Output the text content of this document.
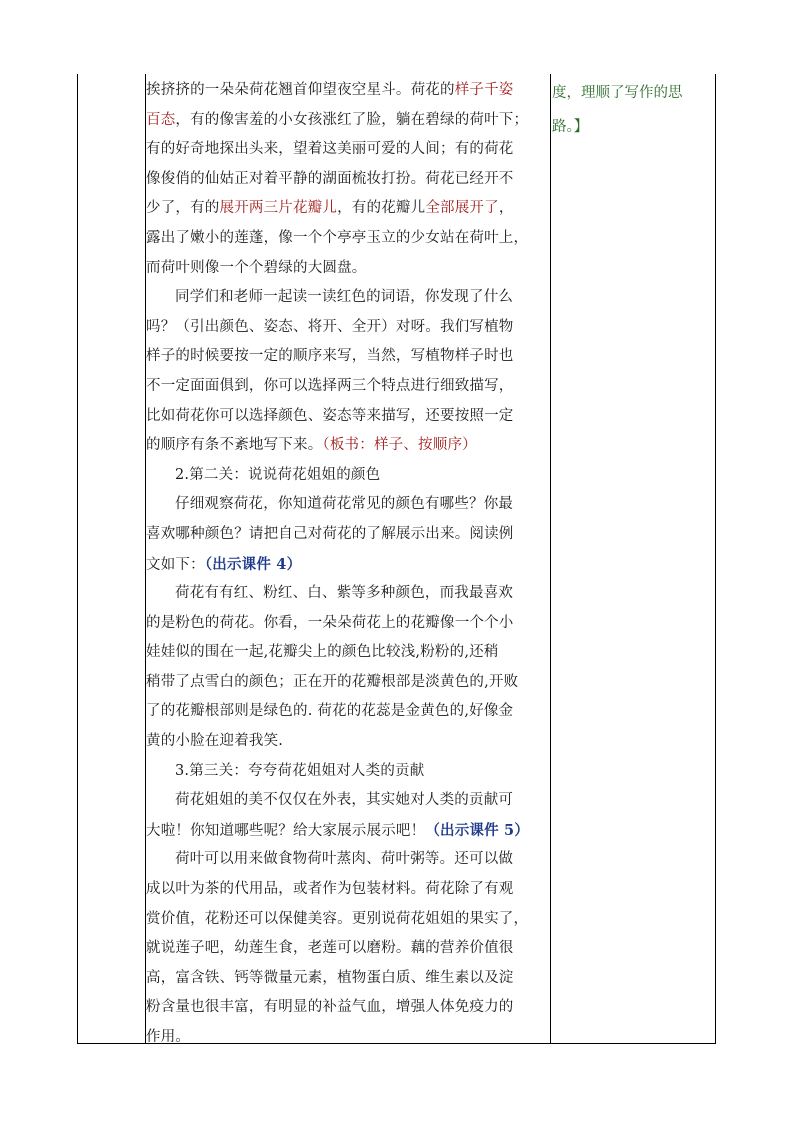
挨挤挤的一朵朵荷花翘首仰望夜空星斗。荷花的样子千姿
百态，有的像害羞的小女孩涨红了脸，躺在碧绿的荷叶下；
有的好奇地探出头来，望着这美丽可爱的人间；有的荷花
像俊俏的仙姑正对着平静的湖面梳妆打扮。荷花已经开不
少了，有的展开两三片花瓣儿，有的花瓣儿全部展开了，
露出了嫩小的莲蓬，像一个个亭亭玉立的少女站在荷叶上，
而荷叶则像一个个碧绿的大圆盘。
同学们和老师一起读一读红色的词语，你发现了什么
吗？（引出颜色、姿态、将开、全开）对呀。我们写植物
样子的时候要按一定的顺序来写，当然，写植物样子时也
不一定面面俱到，你可以选择两三个特点进行细致描写，
比如荷花你可以选择颜色、姿态等来描写，还要按照一定
的顺序有条不紊地写下来。（板书：样子、按顺序）
2.第二关：说说荷花姐姐的颜色
仔细观察荷花，你知道荷花常见的颜色有哪些？你最
喜欢哪种颜色？请把自己对荷花的了解展示出来。阅读例
文如下：（出示课件 4）
荷花有有红、粉红、白、紫等多种颜色，而我最喜欢
的是粉色的荷花。你看，一朵朵荷花上的花瓣像一个个小
娃娃似的围在一起,花瓣尖上的颜色比较浅,粉粉的,还稍
稍带了点雪白的颜色；正在开的花瓣根部是淡黄色的,开败
了的花瓣根部则是绿色的. 荷花的花蕊是金黄色的,好像金
黄的小脸在迎着我笑.
3.第三关：夸夸荷花姐姐对人类的贡献
荷花姐姐的美不仅仅在外表，其实她对人类的贡献可
大啦！你知道哪些呢？给大家展示展示吧！（出示课件 5）
荷叶可以用来做食物荷叶蒸肉、荷叶粥等。还可以做
成以叶为茶的代用品，或者作为包装材料。荷花除了有观
赏价值，花粉还可以保健美容。更别说荷花姐姐的果实了，
就说莲子吧，幼莲生食，老莲可以磨粉。藕的营养价值很
高，富含铁、钙等微量元素，植物蛋白质、维生素以及淀
粉含量也很丰富，有明显的补益气血，增强人体免疫力的
作用。
度，理顺了写作的思
路。】
